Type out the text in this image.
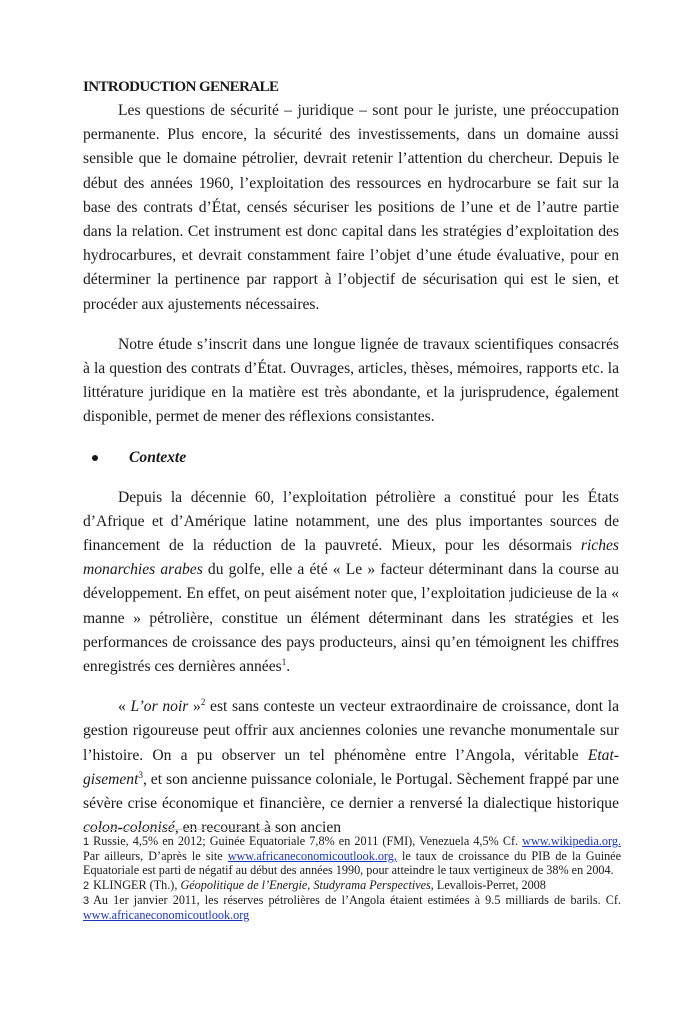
INTRODUCTION GENERALE

Les questions de sécurité – juridique – sont pour le juriste, une préoccupation permanente. Plus encore, la sécurité des investissements, dans un domaine aussi sensible que le domaine pétrolier, devrait retenir l’attention du chercheur. Depuis le début des années 1960, l’exploitation des ressources en hydrocarbure se fait sur la base des contrats d’État, censés sécuriser les positions de l’une et de l’autre partie dans la relation. Cet instrument est donc capital dans les stratégies d’exploitation des hydrocarbures, et devrait constamment faire l’objet d’une étude évaluative, pour en déterminer la pertinence par rapport à l’objectif de sécurisation qui est le sien, et procéder aux ajustements nécessaires.

Notre étude s’inscrit dans une longue lignée de travaux scientifiques consacrés à la question des contrats d’État. Ouvrages, articles, thèses, mémoires, rapports etc. la littérature juridique en la matière est très abondante, et la jurisprudence, également disponible, permet de mener des réflexions consistantes.

Contexte

Depuis la décennie 60, l’exploitation pétrolière a constitué pour les États d’Afrique et d’Amérique latine notamment, une des plus importantes sources de financement de la réduction de la pauvreté. Mieux, pour les désormais riches monarchies arabes du golfe, elle a été « Le » facteur déterminant dans la course au développement. En effet, on peut aisément noter que, l’exploitation judicieuse de la « manne » pétrolière, constitue un élément déterminant dans les stratégies et les performances de croissance des pays producteurs, ainsi qu’en témoignent les chiffres enregistrés ces dernières années$^1$.

« L’or noir »$^2$ est sans conteste un vecteur extraordinaire de croissance, dont la gestion rigoureuse peut offrir aux anciennes colonies une revanche monumentale sur l’histoire. On a pu observer un tel phénomène entre l’Angola, véritable Etat-gisement$^3$, et son ancienne puissance coloniale, le Portugal. Sèchement frappé par une sévère crise économique et financière, ce dernier a renversé la dialectique historique colon-colonisé, en recourant à son ancien

1 Russie, 4,5% en 2012; Guinée Equatoriale 7,8% en 2011 (FMI), Venezuela 4,5% Cf. www.wikipedia.org. Par ailleurs, D’après le site www.africaneconomicoutlook.org, le taux de croissance du PIB de la Guinée Equatoriale est parti de négatif au début des années 1990, pour atteindre le taux vertigineux de 38% en 2004.

2 KLINGER (Th.), Géopolitique de l’Energie, Studyrama Perspectives, Levallois-Perret, 2008

3 Au 1er janvier 2011, les réserves pétrolières de l’Angola étaient estimées à 9.5 milliards de barils. Cf. www.africaneconomicoutlook.org
